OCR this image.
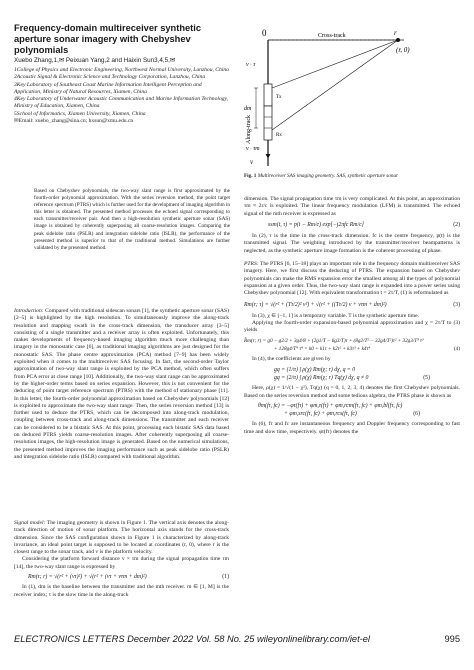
Frequency-domain multireceiver synthetic aperture sonar imagery with Chebyshev polynomials
Xuebo Zhang,1,✉ Peixuan Yang,2 and Haixin Sun3,4,5,✉
1College of Physics and Electronic Engineering, Northwest Normal University, Lanzhou, China
2Acoustic Signal & Electronic Science and Technology Corporation, Lanzhou, China
3Key Laboratory of Southeast Coast Marine Information Intelligent Perception and Application, Ministry of Natural Resources, Xiamen, China
4Key Laboratory of Underwater Acoustic Communication and Marine Information Technology, Ministry of Education, Xiamen, China
5School of Informatics, Xiamen University, Xiamen, China
✉Email: xuebo_zhang@sina.cn; hxsun@xmu.edu.cn
0	Cross-track	r
(r, 0)
v · τ
Along-track
dm
v · τm
v
Tx
Rx
Fig. 1 Multireceiver SAS imaging geometry. SAS, synthetic aperture sonar
Based on Chebyshev polynomials, the two-way slant range is first approximated by the fourth-order polynomial approximation. With the series reversion method, the point target reference spectrum (PTRS) which is further used for the development of imaging algorithm in this letter is obtained. The presented method processes the echoed signal corresponding to each transmitter/receiver pair. And then a high-resolution synthetic aperture sonar (SAS) image is obtained by coherently superposing all coarse-resolution images. Comparing the peak sidelobe ratio (PSLR) and integration sidelobe ratio (ISLR), the performance of the presented method is superior to that of the traditional method. Simulations are further validated by the presented method.
Introduction: Compared with traditional sidescan sonars [1], the synthetic aperture sonar (SAS) [2–5] is highlighted by the high resolution. To simultaneously improve the along-track resolution and mapping swath in the cross-track dimension, the transducer array [3–5] consisting of a single transmitter and a receiver array is often exploited. Unfortunately, this makes developments of frequency-based imaging algorithm much more challenging than imagery in the monostatic case [6], as traditional imaging algorithms are just designed for the monostatic SAS. The phase centre approximation (PCA) method [7–9] has been widely exploited when it comes to the multireceiver SAS focusing. In fact, the second-order Taylor approximation of two-way slant range is exploited by the PCA method, which often suffers from PCA error at close range [10]. Additionally, the two-way slant range can be approximated by the higher-order terms based on series expansion. However, this is not convenient for the deducing of point target reference spectrum (PTRS) with the method of stationary phase [11]. In this letter, the fourth-order polynomial approximation based on Chebyshev polynomials [12] is exploited to approximate the two-way slant range. Then, the series reversion method [13] is further used to deduce the PTRS, which can be decomposed into along-track modulation, coupling between cross-track and along-track dimensions. The transmitter and each receiver can be considered to be a bistatic SAS. At this point, processing each bistatic SAS data based on deduced PTRS yields coarse-resolution images. After coherently superposing all coarse-resolution images, the high-resolution image is generated. Based on the numerical simulations, the presented method improves the imaging performance such as peak sidelobe ratio (PSLR) and integration sidelobe ratio (ISLR) compared with traditional algorithm.
Signal model: The imaging geometry is shown in Figure 1. The vertical axis denotes the along-track direction of motion of sonar platform. The horizontal axis stands for the cross-track dimension. Since the SAS configuration shown in Figure 1 is characterized by along-track invariance, an ideal point target is supposed to be located at coordinates (r, 0), where r is the closest range to the sonar track, and v is the platform velocity.
Considering the platform forward distance v × τm during the signal propagation time τm [14], the two-way slant range is expressed by
Rm(τ; r) = √(r² + (vτ)²) + √(r² + (vτ + vτm + dm)²)	(1)
In (1), dm is the baseline between the transmitter and the mth receiver. m ∈ [1, M] is the receiver index; τ is the slow time in the along-track
dimension. The signal propagation time τm is very complicated. At this point, an approximation τm ≈ 2r/c is exploited. The linear frequency modulation (LFM) is transmitted. The echoed signal of the mth receiver is expressed as
ssm(t, τ) = p(t − Rm/c) exp[−j2πfc Rm/c]	(2)
In (2), τ is the time in the cross-track dimension. fc is the centre frequency, p(t) is the transmitted signal. The weighting introduced by the transmitter/receiver beampatterns is neglected, as the synthetic aperture image formation is the coherent processing of phase.
PTRS: The PTRS [6, 15–18] plays an important role in the frequency domain multireceiver SAS imagery. Here, we first discuss the deducing of PTRS. The expansion based on Chebyshev polynomials can make the RMS expansion error the smallest among all the types of polynomial expansion at a given order. Thus, the two-way slant range is expanded into a power series using Chebyshev polynomial [12]. With equivalent transformation t = 2τ/T, (1) is reformulated as
Rm(r; τ) = √(r² + (Tτ/2)² v²) + √(r² + ((Tτ/2) v + vτm + dm)²)	(3)
In (3), χ ∈ [−1, 1] is a temporary variable. T is the synthetic aperture time.
Applying the fourth-order expansion-based polynomial approximation and χ = 2τ/T to (3) yields
R̂m(τ; r) = g0 − g2/2 + 3g4/8 + (2g1/T − 6g3/T)τ + (8g2/T² − 32g4/T²)τ² + 32g3/T³ τ³
+ 128g4/T⁴ τ⁴ = k0 + k1τ + k2τ² + k3τ³ + k4τ⁴	(4)
In (4), the coefficients are given by
gq = (1/π) ∫ ρ(χ) Rm(χ; r) dχ, q = 0
gq = (2/π) ∫ ρ(χ) Rm(χ; r) Tq(χ) dχ, q ≠ 0	(5)
Here, ρ(χ) = 1/√(1 − χ²), Tq(χ) (q = 0, 1, 2, 3, 4) denotes the first Chebyshev polynomials. Based on the series reversion method and some tedious algebra, the PTRS phase is shown as
θm(fτ, fc) = −φτ(fτ) + φm,τ(fτ) + φm,rcm(fτ, fc) + φm,bl(fτ, fc)
+ φm,src(fτ, fc) + φm,rcs(fτ, fc)	(6)
In (6), fτ and fc are instantaneous frequency and Doppler frequency corresponding to fast time and slow time, respectively. φt(fτ) denotes the
ELECTRONICS LETTERS December 2022 Vol. 58 No. 25 wileyonlinelibrary.com/iet-el	995
